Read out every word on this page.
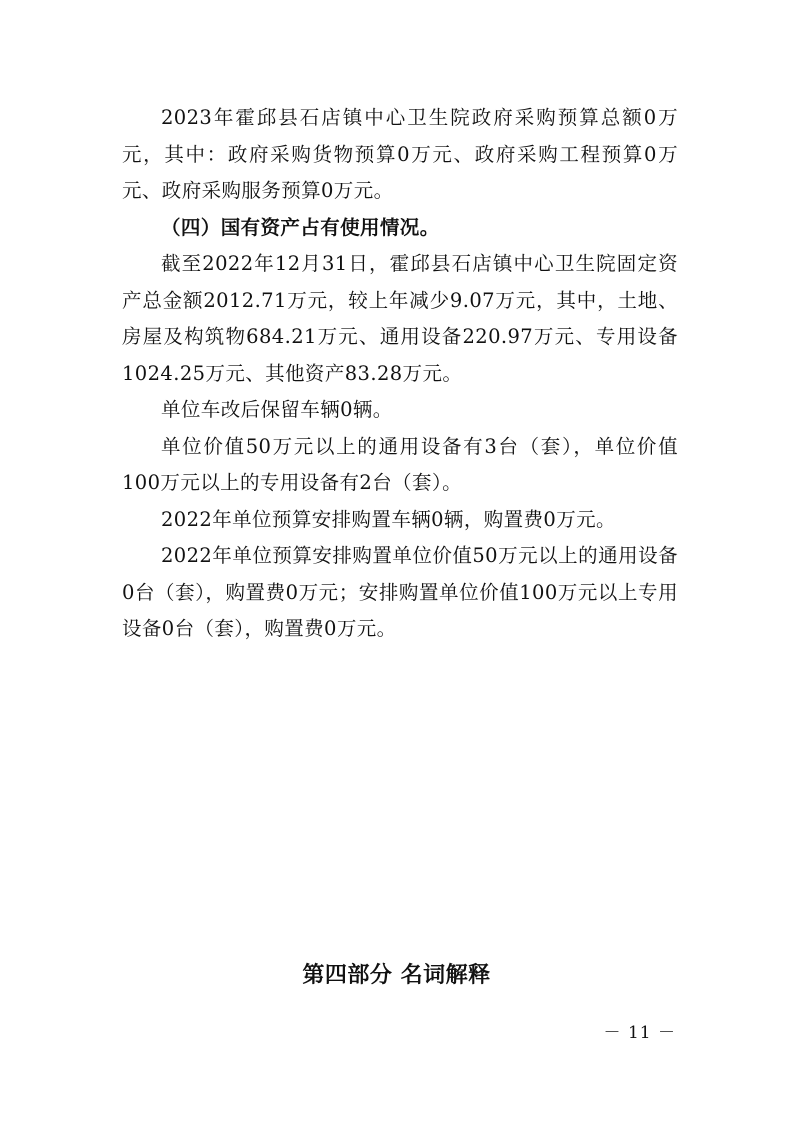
2023年霍邱县石店镇中心卫生院政府采购预算总额0万元，其中：政府采购货物预算0万元、政府采购工程预算0万元、政府采购服务预算0万元。

（四）国有资产占有使用情况。

截至2022年12月31日，霍邱县石店镇中心卫生院固定资产总金额2012.71万元，较上年减少9.07万元，其中，土地、房屋及构筑物684.21万元、通用设备220.97万元、专用设备1024.25万元、其他资产83.28万元。

单位车改后保留车辆0辆。

单位价值50万元以上的通用设备有3台（套），单位价值100万元以上的专用设备有2台（套）。

2022年单位预算安排购置车辆0辆，购置费0万元。

2022年单位预算安排购置单位价值50万元以上的通用设备0台（套），购置费0万元；安排购置单位价值100万元以上专用设备0台（套），购置费0万元。

第四部分 名词解释

－ 11 －
